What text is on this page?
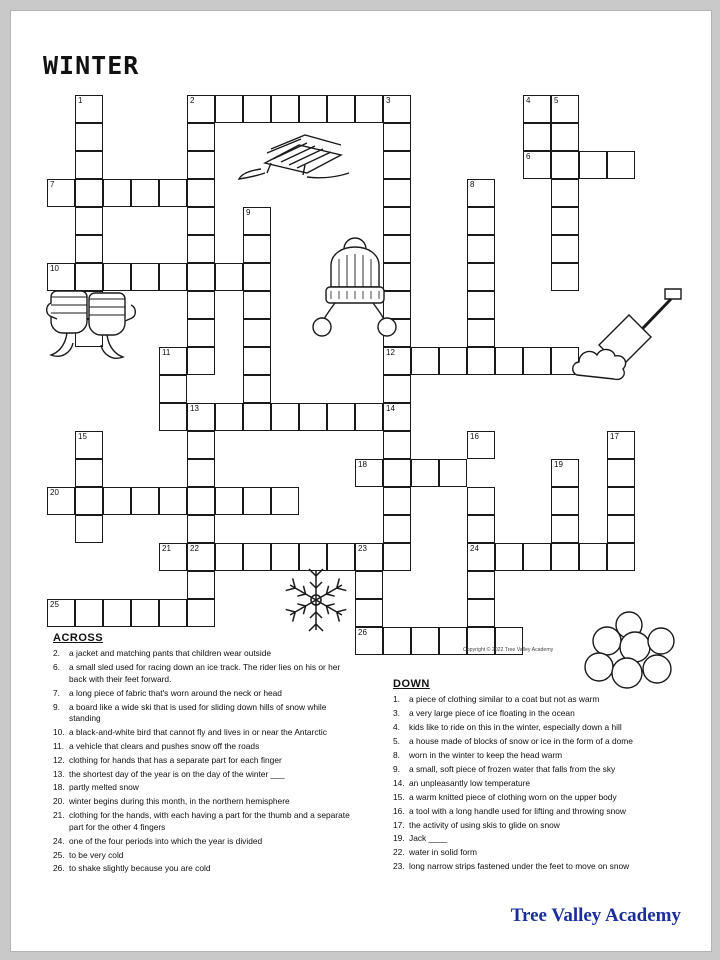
WINTER
1	2	3	4	5
6
7	8
9
10
11	12
13	14
15	16	17
18	19
20
21 22	23	24
25
26
Copyright © 2022 Tree Valley Academy
ACROSS
2.	a jacket and matching pants that children wear outside
6.	a small sled used for racing down an ice track. The rider lies on his or her back with their feet forward.
7.	a long piece of fabric that's worn around the neck or head
9.	a board like a wide ski that is used for sliding down hills of snow while standing
10. a black-and-white bird that cannot fly and lives in or near the Antarctic
11. a vehicle that clears and pushes snow off the roads
12. clothing for hands that has a separate part for each finger
13. the shortest day of the year is on the day of the winter ___
18. partly melted snow
20. winter begins during this month, in the northern hemisphere
21. clothing for the hands, with each having a part for the thumb and a separate part for the other 4 fingers
24. one of the four periods into which the year is divided
25. to be very cold
26. to shake slightly because you are cold
DOWN
1.	a piece of clothing similar to a coat but not as warm
3.	a very large piece of ice floating in the ocean
4.	kids like to ride on this in the winter, especially down a hill
5.	a house made of blocks of snow or ice in the form of a dome
8.	worn in the winter to keep the head warm
9.	a small, soft piece of frozen water that falls from the sky
14. an unpleasantly low temperature
15. a warm knitted piece of clothing worn on the upper body
16. a tool with a long handle used for lifting and throwing snow
17. the activity of using skis to glide on snow
19. Jack ____
22. water in solid form
23. long narrow strips fastened under the feet to move on snow
Tree Valley Academy
